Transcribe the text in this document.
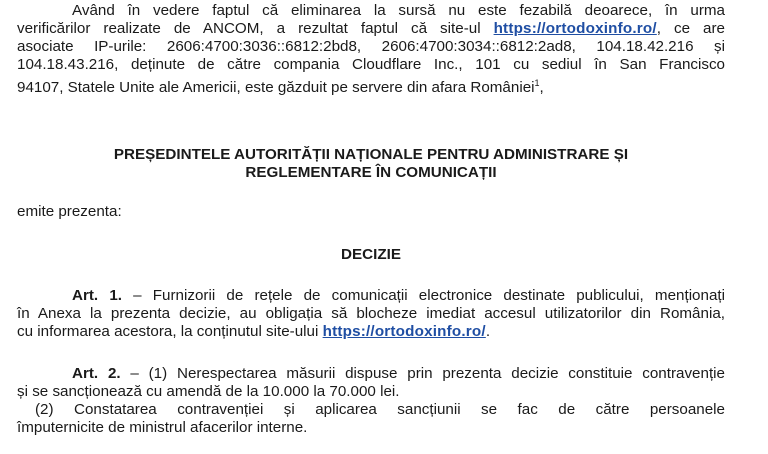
Având în vedere faptul că eliminarea la sursă nu este fezabilă deoarece, în urma
verificărilor realizate de ANCOM, a rezultat faptul că site-ul https://ortodoxinfo.ro/, ce are
asociate IP-urile: 2606:4700:3036::6812:2bd8, 2606:4700:3034::6812:2ad8, 104.18.42.216 și
104.18.43.216, deținute de către compania Cloudflare Inc., 101 cu sediul în San Francisco
94107, Statele Unite ale Americii, este găzduit pe servere din afara României$^1$,
PREȘEDINTELE AUTORITĂȚII NAȚIONALE PENTRU ADMINISTRARE ȘI
REGLEMENTARE ÎN COMUNICAȚII
emite prezenta:
DECIZIE
Art. 1. – Furnizorii de rețele de comunicații electronice destinate publicului, menționați
în Anexa la prezenta decizie, au obligația să blocheze imediat accesul utilizatorilor din România,
cu informarea acestora, la conținutul site-ului https://ortodoxinfo.ro/.
Art. 2. – (1) Nerespectarea măsurii dispuse prin prezenta decizie constituie contravenție
și se sancționează cu amendă de la 10.000 la 70.000 lei.
(2) Constatarea contravenției și aplicarea sancțiunii se fac de către persoanele
împuternicite de ministrul afacerilor interne.
